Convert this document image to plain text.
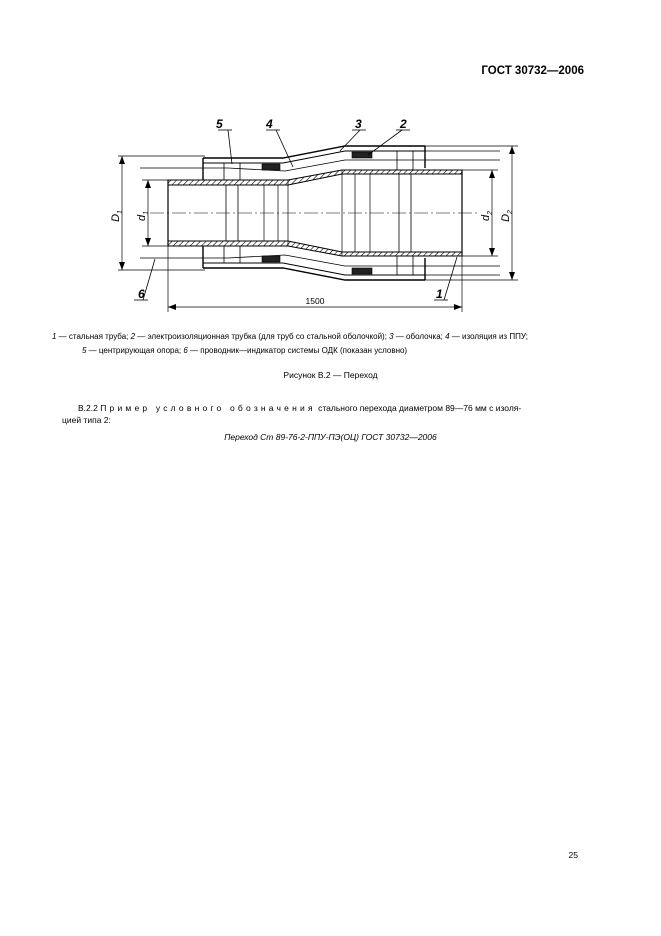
ГОСТ 30732—2006
$D_1$
$d_1$
$d_2$
$D_2$
1500
5	4	3	2
6	1
1 — стальная труба; 2 — электроизоляционная трубка (для труб со стальной оболочкой); 3 — оболочка; 4 — изоляция из ППУ;
5 — центрирующая опора; 6 — проводник—индикатор системы ОДК (показан условно)
Рисунок В.2 — Переход
В.2.2 Пример условного обозначения стального перехода диаметром 89—76 мм с изоля-
цией типа 2:
Переход Ст 89-76-2-ППУ-ПЭ(ОЦ) ГОСТ 30732—2006
25
